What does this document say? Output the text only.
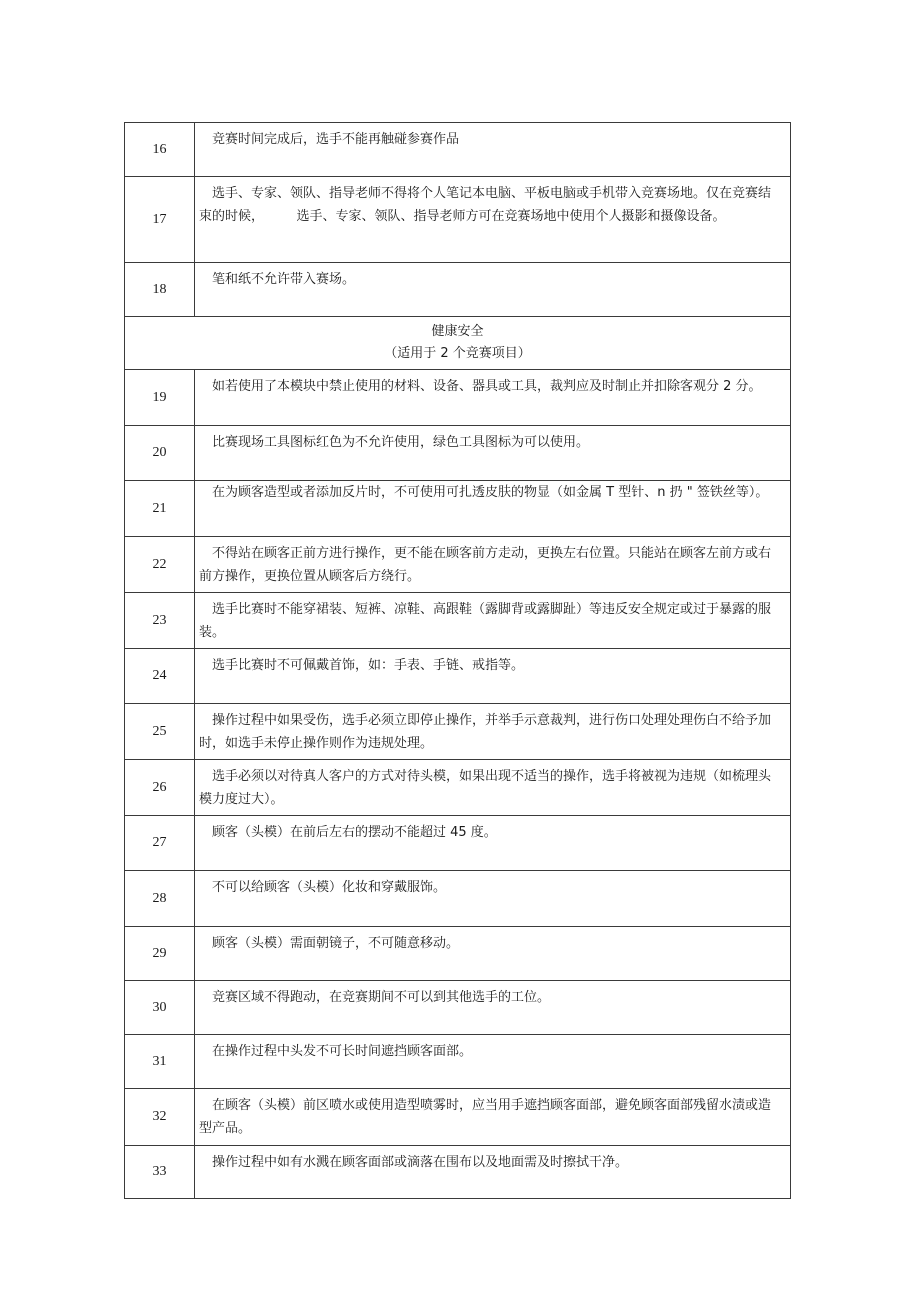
16
竞赛时间完成后，选手不能再触碰参赛作品
17
选手、专家、领队、指导老师不得将个人笔记本电脑、平板电脑或手机带入竞赛场地。仅在竞赛结束的时候，　　　选手、专家、领队、指导老师方可在竞赛场地中使用个人摄影和摄像设备。
18
笔和纸不允许带入赛场。
健康安全
（适用于 2 个竞赛项目）
19
如若使用了本模块中禁止使用的材料、设备、器具或工具，裁判应及时制止并扣除客观分 2 分。
20
比赛现场工具图标红色为不允许使用，绿色工具图标为可以使用。
21
在为顾客造型或者添加反片时，不可使用可扎透皮肤的物显（如金属 T 型针、n 扔 " 签铁丝等）。
22
不得站在顾客正前方进行操作，更不能在顾客前方走动，更换左右位置。只能站在顾客左前方或右前方操作，更换位置从顾客后方绕行。
23
选手比赛时不能穿裙装、短裤、凉鞋、高跟鞋（露脚背或露脚趾）等违反安全规定或过于暴露的服装。
24
选手比赛时不可佩戴首饰，如：手表、手链、戒指等。
25
操作过程中如果受伤，选手必须立即停止操作，并举手示意裁判，进行伤口处理处理伤白不给予加时，如选手未停止操作则作为违规处理。
26
选手必须以对待真人客户的方式对待头模，如果出现不适当的操作，选手将被视为违规（如梳理头模力度过大）。
27
顾客（头模）在前后左右的摆动不能超过 45 度。
28
不可以给顾客（头模）化妆和穿戴服饰。
29
顾客（头模）需面朝镜子，不可随意移动。
30
竞赛区域不得跑动，在竞赛期间不可以到其他选手的工位。
31
在操作过程中头发不可长时间遮挡顾客面部。
32
在顾客（头模）前区喷水或使用造型喷雾时，应当用手遮挡顾客面部，避免顾客面部残留水渍或造型产品。
33
操作过程中如有水溅在顾客面部或滴落在围布以及地面需及时擦拭干净。
